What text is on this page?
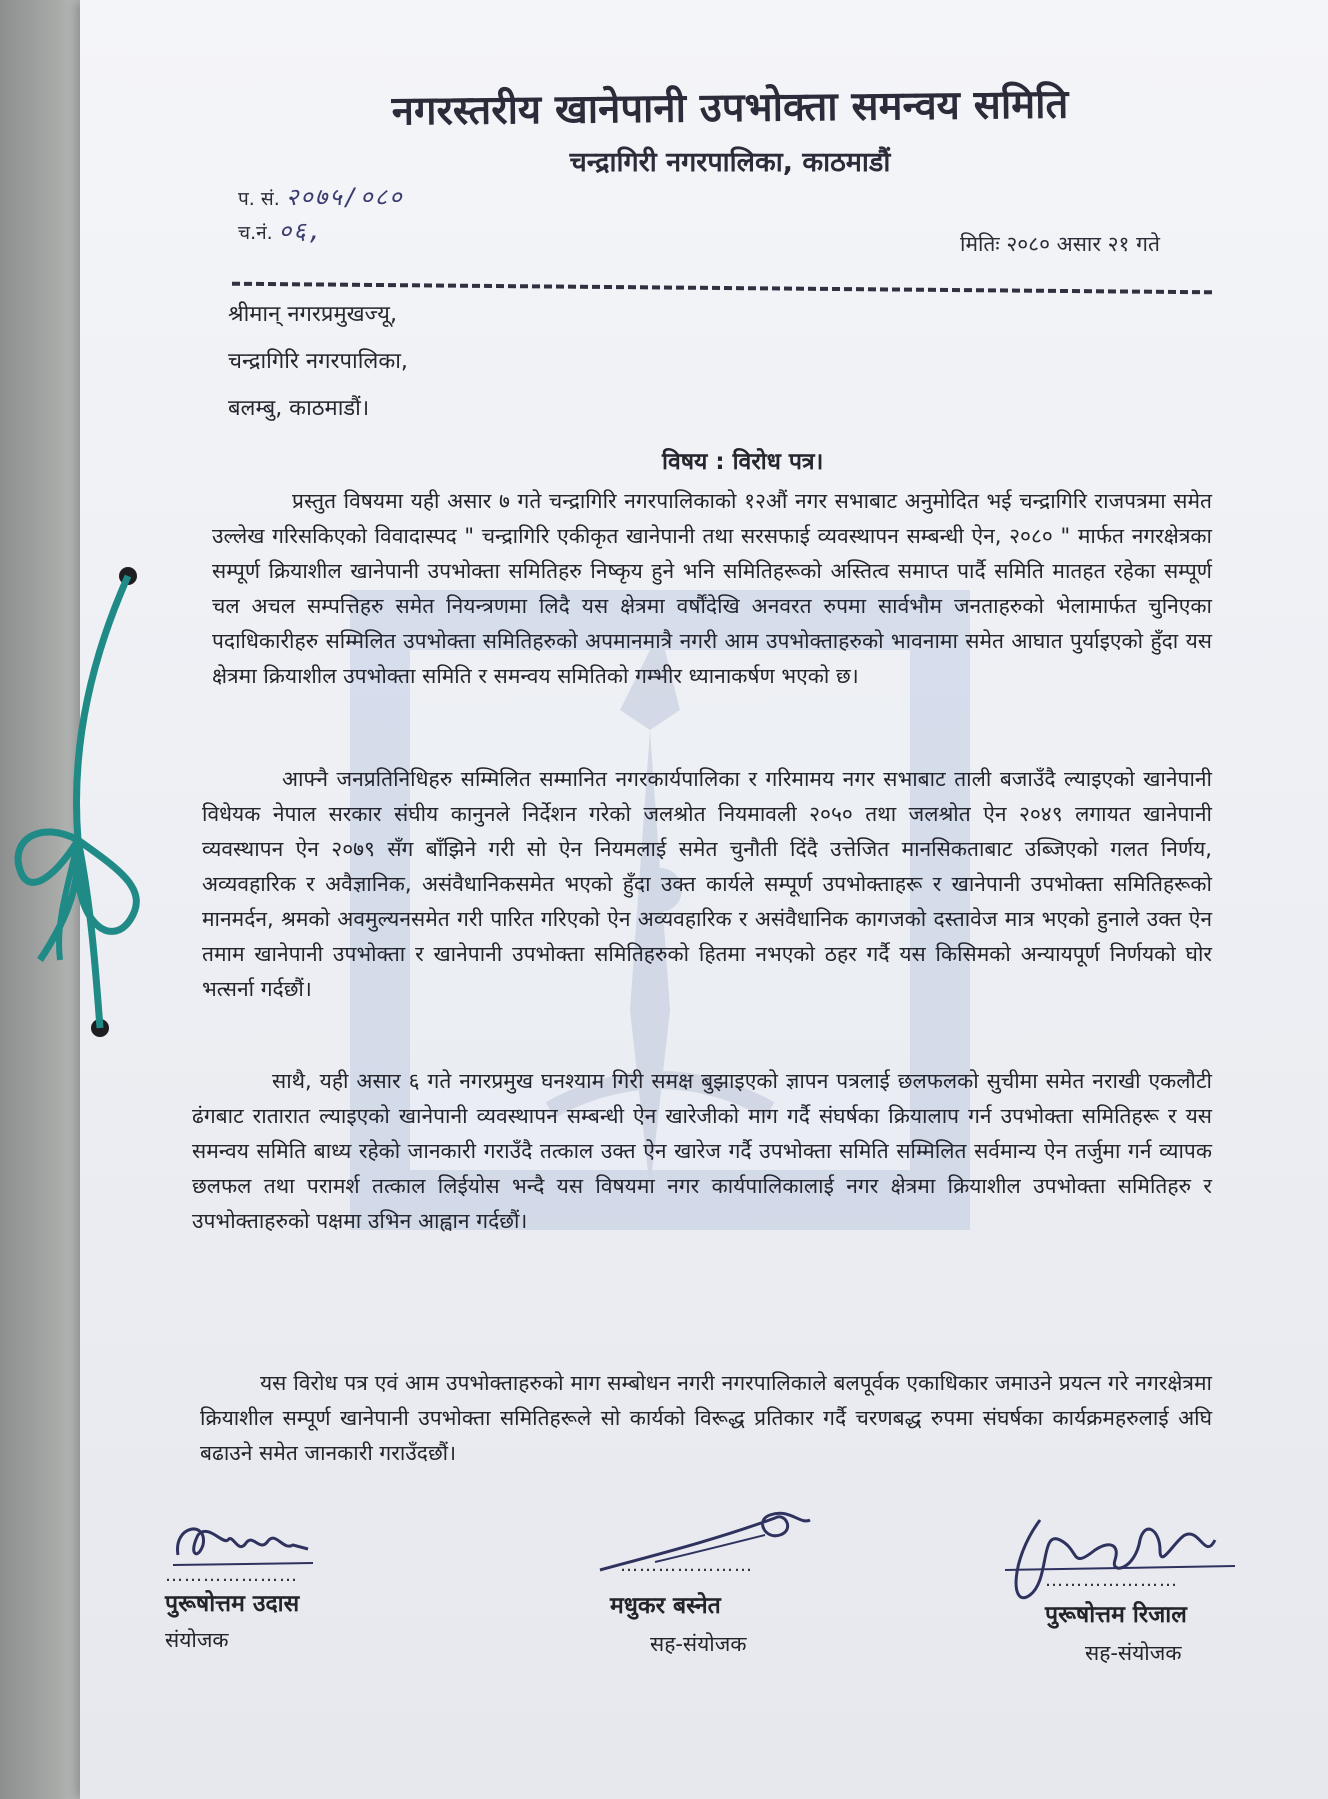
नगरस्तरीय खानेपानी उपभोक्ता समन्वय समिति
चन्द्रागिरी नगरपालिका, काठमाडौं
प. सं. २०७५/०८०
च.नं. ०६,	मितिः २०८० असार २१ गते
श्रीमान् नगरप्रमुखज्यू,
चन्द्रागिरि नगरपालिका,
बलम्बु, काठमाडौं।
विषय : विरोध पत्र।

प्रस्तुत विषयमा यही असार ७ गते चन्द्रागिरि नगरपालिकाको १२औं नगर सभाबाट अनुमोदित भई चन्द्रागिरि राजपत्रमा समेत उल्लेख गरिसकिएको विवादास्पद " चन्द्रागिरि एकीकृत खानेपानी तथा सरसफाई व्यवस्थापन सम्बन्धी ऐन, २०८० " मार्फत नगरक्षेत्रका सम्पूर्ण क्रियाशील खानेपानी उपभोक्ता समितिहरु निष्कृय हुने भनि समितिहरूको अस्तित्व समाप्त पार्दै समिति मातहत रहेका सम्पूर्ण चल अचल सम्पत्तिहरु समेत नियन्त्रणमा लिदै यस क्षेत्रमा वर्षौंदेखि अनवरत रुपमा सार्वभौम जनताहरुको भेलामार्फत चुनिएका पदाधिकारीहरु सम्मिलित उपभोक्ता समितिहरुको अपमानमात्रै नगरी आम उपभोक्ताहरुको भावनामा समेत आघात पुर्याइएको हुँदा यस क्षेत्रमा क्रियाशील उपभोक्ता समिति र समन्वय समितिको गम्भीर ध्यानाकर्षण भएको छ।

आफ्नै जनप्रतिनिधिहरु सम्मिलित सम्मानित नगरकार्यपालिका र गरिमामय नगर सभाबाट ताली बजाउँदै ल्याइएको खानेपानी विधेयक नेपाल सरकार संघीय कानुनले निर्देशन गरेको जलश्रोत नियमावली २०५० तथा जलश्रोत ऐन २०४९ लगायत खानेपानी व्यवस्थापन ऐन २०७९ सँग बाँझिने गरी सो ऐन नियमलाई समेत चुनौती दिंदै उत्तेजित मानसिकताबाट उब्जिएको गलत निर्णय, अव्यवहारिक र अवैज्ञानिक, असंवैधानिकसमेत भएको हुँदा उक्त कार्यले सम्पूर्ण उपभोक्ताहरू र खानेपानी उपभोक्ता समितिहरूको मानमर्दन, श्रमको अवमुल्यनसमेत गरी पारित गरिएको ऐन अव्यवहारिक र असंवैधानिक कागजको दस्तावेज मात्र भएको हुनाले उक्त ऐन तमाम खानेपानी उपभोक्ता र खानेपानी उपभोक्ता समितिहरुको हितमा नभएको ठहर गर्दै यस किसिमको अन्यायपूर्ण निर्णयको घोर भत्सर्ना गर्दछौं।

साथै, यही असार ६ गते नगरप्रमुख घनश्याम गिरी समक्ष बुझाइएको ज्ञापन पत्रलाई छलफलको सुचीमा समेत नराखी एकलौटी ढंगबाट रातारात ल्याइएको खानेपानी व्यवस्थापन सम्बन्धी ऐन खारेजीको माग गर्दै संघर्षका क्रियालाप गर्न उपभोक्ता समितिहरू र यस समन्वय समिति बाध्य रहेको जानकारी गराउँदै तत्काल उक्त ऐन खारेज गर्दै उपभोक्ता समिति सम्मिलित सर्वमान्य ऐन तर्जुमा गर्न व्यापक छलफल तथा परामर्श तत्काल लिईयोस भन्दै यस विषयमा नगर कार्यपालिकालाई नगर क्षेत्रमा क्रियाशील उपभोक्ता समितिहरु र उपभोक्ताहरुको पक्षमा उभिन आह्वान गर्दछौं।

यस विरोध पत्र एवं आम उपभोक्ताहरुको माग सम्बोधन नगरी नगरपालिकाले बलपूर्वक एकाधिकार जमाउने प्रयत्न गरे नगरक्षेत्रमा क्रियाशील सम्पूर्ण खानेपानी उपभोक्ता समितिहरूले सो कार्यको विरूद्ध प्रतिकार गर्दै चरणबद्ध रुपमा संघर्षका कार्यक्रमहरुलाई अघि बढाउने समेत जानकारी गराउँदछौं।

…………………
पुरूषोत्तम उदास
संयोजक
…………………
मधुकर बस्नेत
सह-संयोजक
…………………
पुरूषोत्तम रिजाल
सह-संयोजक
